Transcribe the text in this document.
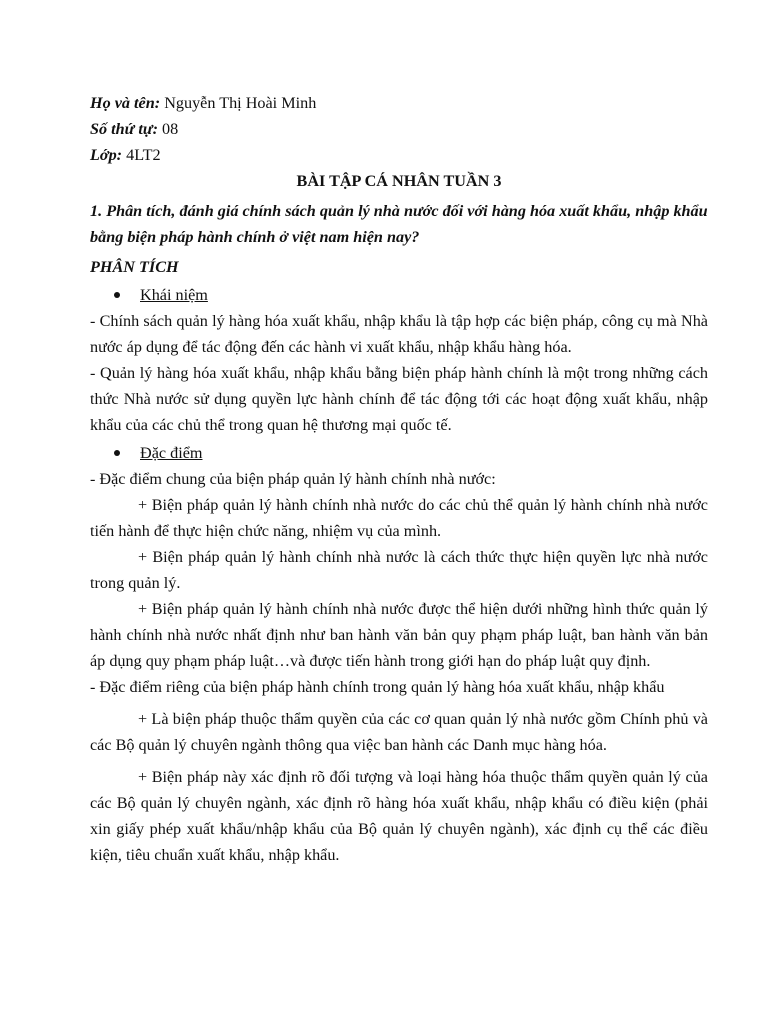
Họ và tên: Nguyễn Thị Hoài Minh
Số thứ tự: 08
Lớp: 4LT2
BÀI TẬP CÁ NHÂN TUẦN 3
1. Phân tích, đánh giá chính sách quản lý nhà nước đối với hàng hóa xuất khẩu, nhập khẩu bằng biện pháp hành chính ở việt nam hiện nay?
PHÂN TÍCH
Khái niệm

- Chính sách quản lý hàng hóa xuất khẩu, nhập khẩu là tập hợp các biện pháp, công cụ mà Nhà nước áp dụng để tác động đến các hành vi xuất khẩu, nhập khẩu hàng hóa.

- Quản lý hàng hóa xuất khẩu, nhập khẩu bằng biện pháp hành chính là một trong những cách thức Nhà nước sử dụng quyền lực hành chính để tác động tới các hoạt động xuất khẩu, nhập khẩu của các chủ thể trong quan hệ thương mại quốc tế.

Đặc điểm

- Đặc điểm chung của biện pháp quản lý hành chính nhà nước:

+ Biện pháp quản lý hành chính nhà nước do các chủ thể quản lý hành chính nhà nước tiến hành để thực hiện chức năng, nhiệm vụ của mình.

+ Biện pháp quản lý hành chính nhà nước là cách thức thực hiện quyền lực nhà nước trong quản lý.

+ Biện pháp quản lý hành chính nhà nước được thể hiện dưới những hình thức quản lý hành chính nhà nước nhất định như ban hành văn bản quy phạm pháp luật, ban hành văn bản áp dụng quy phạm pháp luật…và được tiến hành trong giới hạn do pháp luật quy định.

- Đặc điểm riêng của biện pháp hành chính trong quản lý hàng hóa xuất khẩu, nhập khẩu

+ Là biện pháp thuộc thẩm quyền của các cơ quan quản lý nhà nước gồm Chính phủ và các Bộ quản lý chuyên ngành thông qua việc ban hành các Danh mục hàng hóa.

+ Biện pháp này xác định rõ đối tượng và loại hàng hóa thuộc thẩm quyền quản lý của các Bộ quản lý chuyên ngành, xác định rõ hàng hóa xuất khẩu, nhập khẩu có điều kiện (phải xin giấy phép xuất khẩu/nhập khẩu của Bộ quản lý chuyên ngành), xác định cụ thể các điều kiện, tiêu chuẩn xuất khẩu, nhập khẩu.
